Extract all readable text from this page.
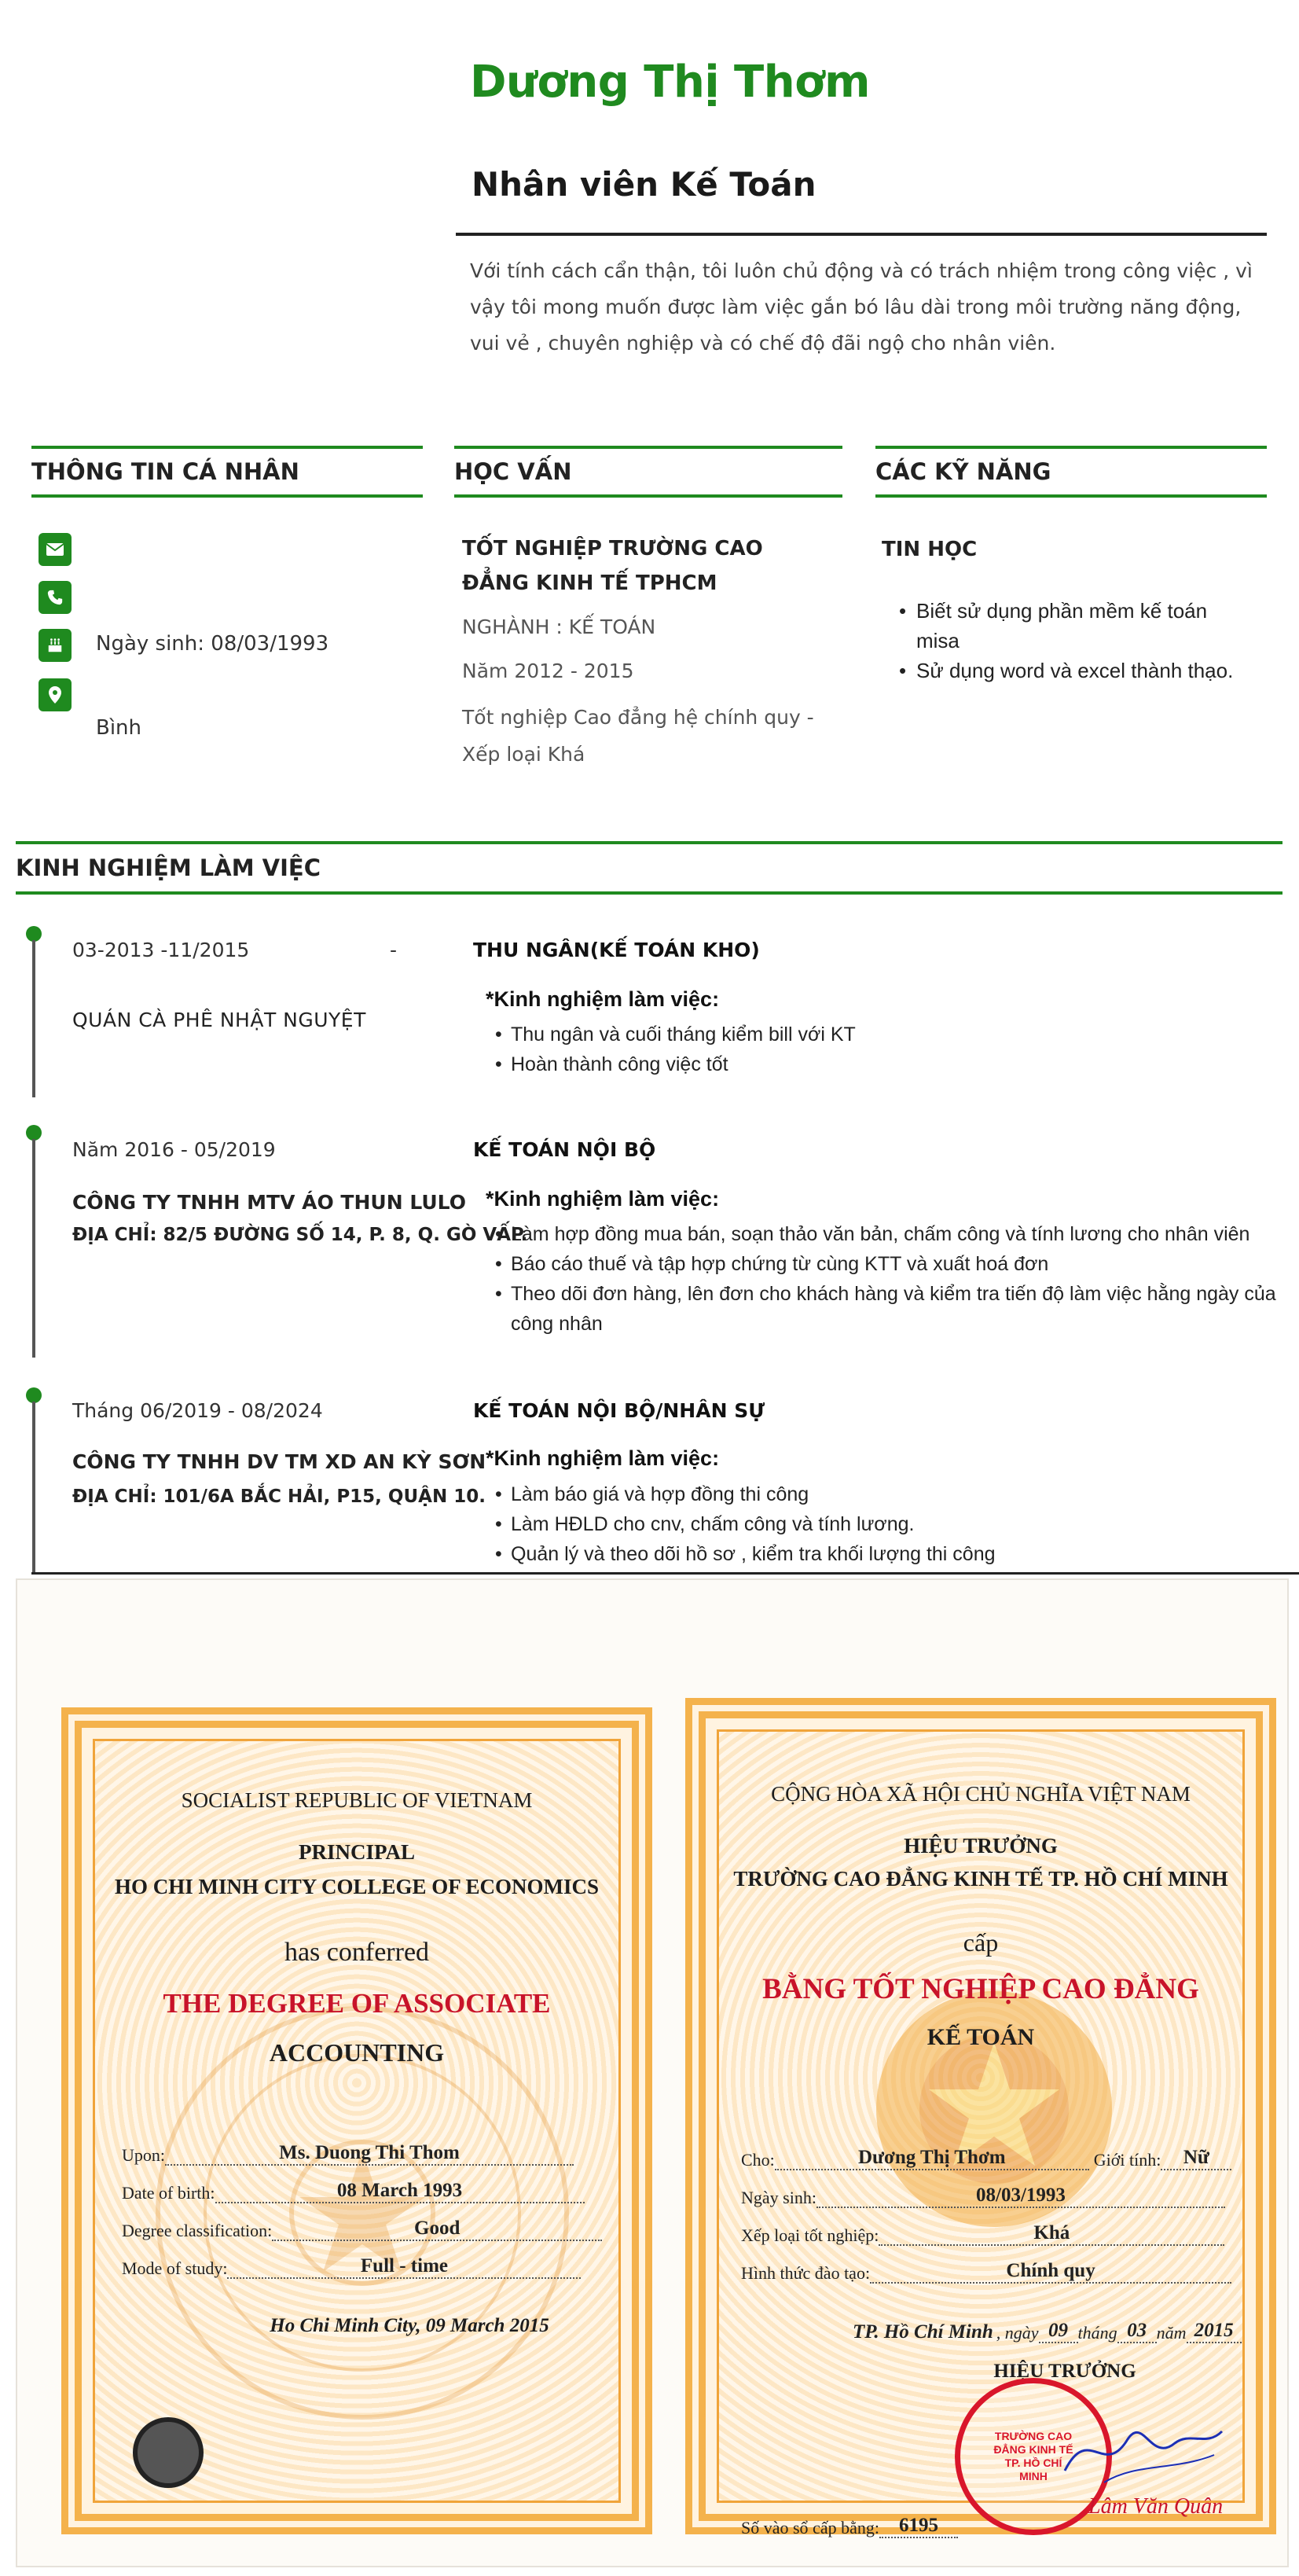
Dương Thị Thơm
Nhân viên Kế Toán
Với tính cách cẩn thận, tôi luôn chủ động và có trách nhiệm trong công việc , vì vậy tôi mong muốn được làm việc gắn bó lâu dài trong môi trường năng động, vui vẻ , chuyên nghiệp và có chế độ đãi ngộ cho nhân viên.
THÔNG TIN CÁ NHÂN
Ngày sinh: 08/03/1993
Bình
HỌC VẤN
TỐT NGHIỆP TRƯỜNG CAO ĐẲNG KINH TẾ TPHCM
NGHÀNH : KẾ TOÁN
Năm 2012 - 2015
Tốt nghiệp Cao đẳng hệ chính quy -
Xếp loại Khá
CÁC KỸ NĂNG
TIN HỌC
• Biết sử dụng phần mềm kế toán misa
• Sử dụng word và excel thành thạo.
KINH NGHIỆM LÀM VIỆC
03-2013 -11/2015	-
QUÁN CÀ PHÊ NHẬT NGUYỆT
THU NGÂN(KẾ TOÁN KHO)
*Kinh nghiệm làm việc:
• Thu ngân và cuối tháng kiểm bill với KT
• Hoàn thành công việc tốt
Năm 2016 - 05/2019
CÔNG TY TNHH MTV ÁO THUN LULO
ĐỊA CHỈ: 82/5 ĐƯỜNG SỐ 14, P. 8, Q. GÒ VẤP.
KẾ TOÁN NỘI BỘ
*Kinh nghiệm làm việc:
• Làm hợp đồng mua bán, soạn thảo văn bản, chấm công và tính lương cho nhân viên
• Báo cáo thuế và tập hợp chứng từ cùng KTT và xuất hoá đơn
• Theo dõi đơn hàng, lên đơn cho khách hàng và kiểm tra tiến độ làm việc hằng ngày của công nhân
Tháng 06/2019 - 08/2024
CÔNG TY TNHH DV TM XD AN KỲ SƠN
ĐỊA CHỈ: 101/6A BẮC HẢI, P15, QUẬN 10.
KẾ TOÁN NỘI BỘ/NHÂN SỰ
*Kinh nghiệm làm việc:
• Làm báo giá và hợp đồng thi công
• Làm HĐLD cho cnv, chấm công và tính lương.
• Quản lý và theo dõi hồ sơ , kiểm tra khối lượng thi công
SOCIALIST REPUBLIC OF VIETNAM
PRINCIPAL
HO CHI MINH CITY COLLEGE OF ECONOMICS
has conferred
THE DEGREE OF ASSOCIATE
ACCOUNTING
Upon:	Ms. Duong Thi Thom
Date of birth:	08 March 1993
Degree classification:	Good
Mode of study:	Full - time
Ho Chi Minh City, 09 March 2015
CỘNG HÒA XÃ HỘI CHỦ NGHĨA VIỆT NAM
HIỆU TRƯỞNG
TRƯỜNG CAO ĐẲNG KINH TẾ TP. HỒ CHÍ MINH
cấp
BẰNG TỐT NGHIỆP CAO ĐẲNG
KẾ TOÁN
Cho:	Dương Thị Thơm	Giới tính:	Nữ
Ngày sinh:	08/03/1993
Xếp loại tốt nghiệp:	Khá
Hình thức đào tạo:	Chính quy
TP. Hồ Chí Minh , ngày 09 tháng 03 năm 2015
HIỆU TRƯỞNG
TRƯỜNG CAO ĐẲNG KINH TẾ TP. HỒ CHÍ MINH
Lâm Văn Quân
Số vào sổ cấp bằng:	6195
